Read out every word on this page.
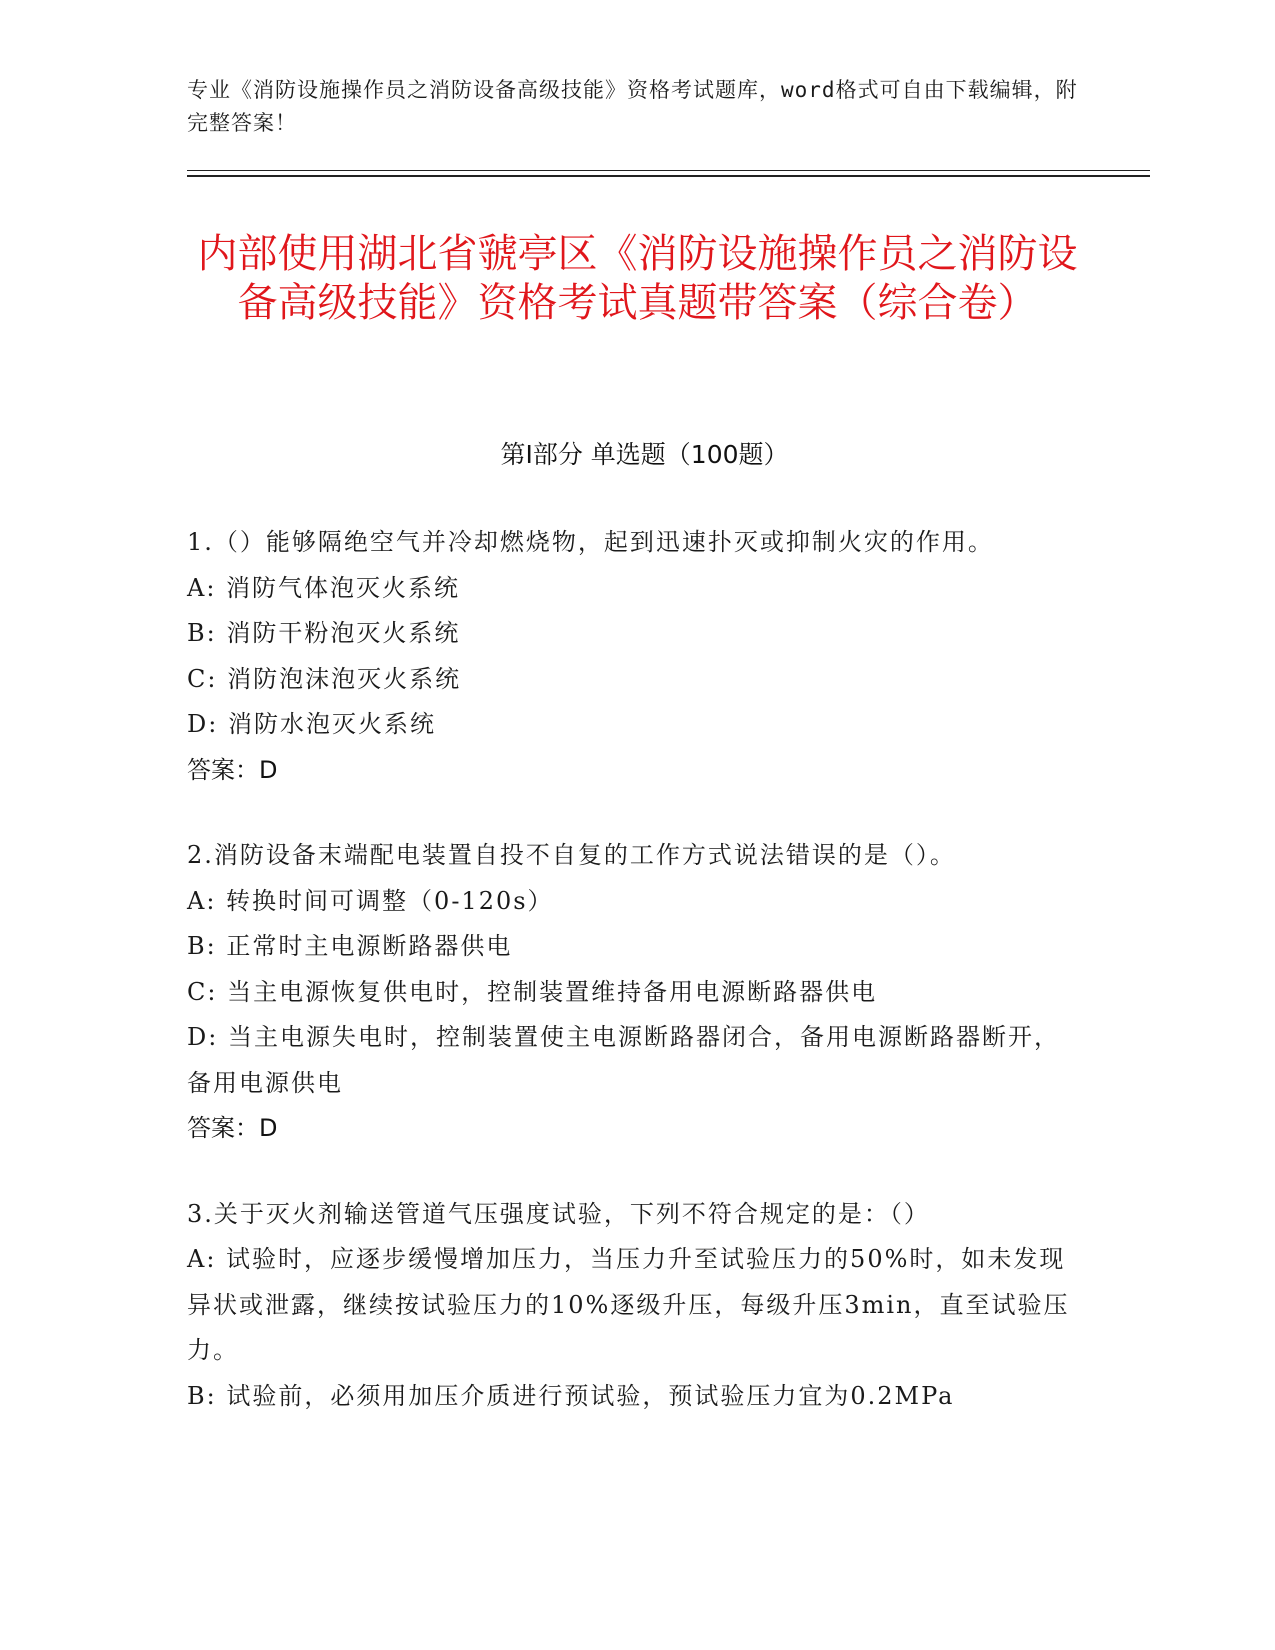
专业《消防设施操作员之消防设备高级技能》资格考试题库，word格式可自由下载编辑，附完整答案！
内部使用湖北省虢亭区《消防设施操作员之消防设备高级技能》资格考试真题带答案（综合卷）
第I部分 单选题（100题）
1.（）能够隔绝空气并冷却燃烧物，起到迅速扑灭或抑制火灾的作用。
A: 消防气体泡灭火系统
B: 消防干粉泡灭火系统
C: 消防泡沫泡灭火系统
D: 消防水泡灭火系统
答案：D
2.消防设备末端配电装置自投不自复的工作方式说法错误的是（）。
A: 转换时间可调整（0-120s）
B: 正常时主电源断路器供电
C: 当主电源恢复供电时，控制装置维持备用电源断路器供电
D: 当主电源失电时，控制装置使主电源断路器闭合，备用电源断路器断开，备用电源供电
答案：D
3.关于灭火剂输送管道气压强度试验，下列不符合规定的是：（）
A: 试验时，应逐步缓慢增加压力，当压力升至试验压力的50%时，如未发现异状或泄露，继续按试验压力的10%逐级升压，每级升压3min，直至试验压力。
B: 试验前，必须用加压介质进行预试验，预试验压力宜为0.2MPa
